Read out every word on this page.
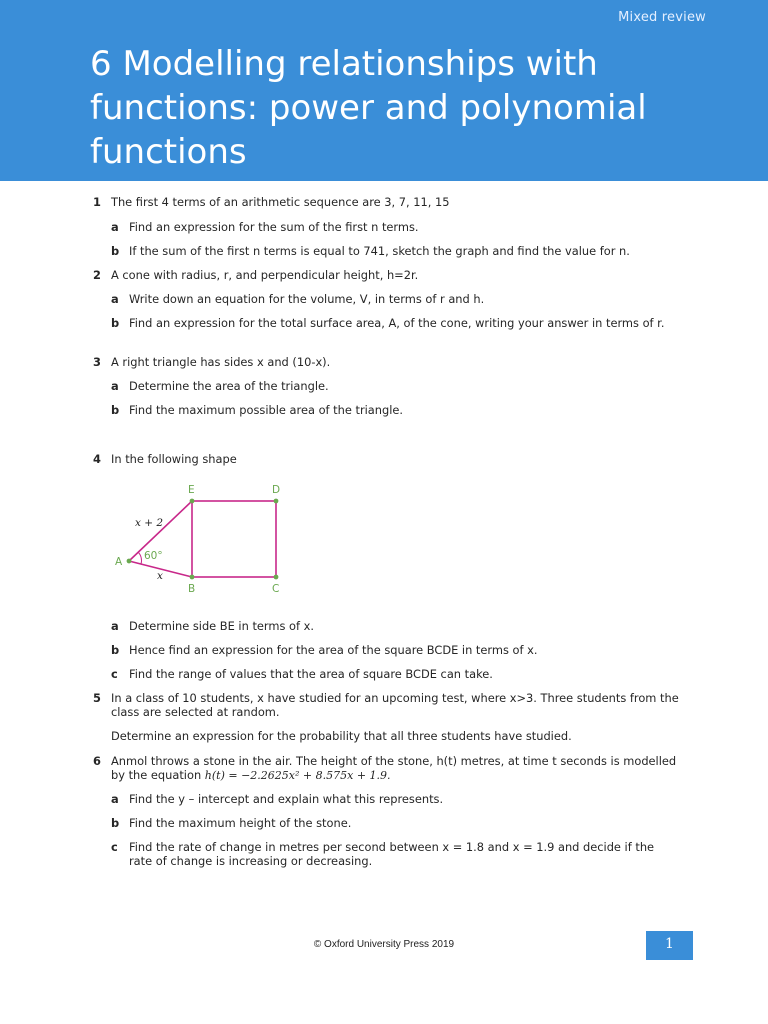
Mixed review
6 Modelling relationships with functions: power and polynomial functions
1 The first 4 terms of an arithmetic sequence are 3, 7, 11, 15
a Find an expression for the sum of the first n terms.
b If the sum of the first n terms is equal to 741, sketch the graph and find the value for n.
2 A cone with radius, r, and perpendicular height, h=2r.
a Write down an equation for the volume, V, in terms of r and h.
b Find an expression for the total surface area, A, of the cone, writing your answer in terms of r.
3 A right triangle has sides x and (10-x).
a Determine the area of the triangle.
b Find the maximum possible area of the triangle.
4 In the following shape
A
B	C
D
E
60°
x + 2
x
a Determine side BE in terms of x.
b Hence find an expression for the area of the square BCDE in terms of x.
c Find the range of values that the area of square BCDE can take.
5 In a class of 10 students, x have studied for an upcoming test, where x>3. Three students from the class are selected at random.
Determine an expression for the probability that all three students have studied.
6 Anmol throws a stone in the air. The height of the stone, h(t) metres, at time t seconds is modelled by the equation h(t) = −2.2625x² + 8.575x + 1.9.
a Find the y – intercept and explain what this represents.
b Find the maximum height of the stone.
c Find the rate of change in metres per second between x = 1.8 and x = 1.9 and decide if the rate of change is increasing or decreasing.
© Oxford University Press 2019	1
